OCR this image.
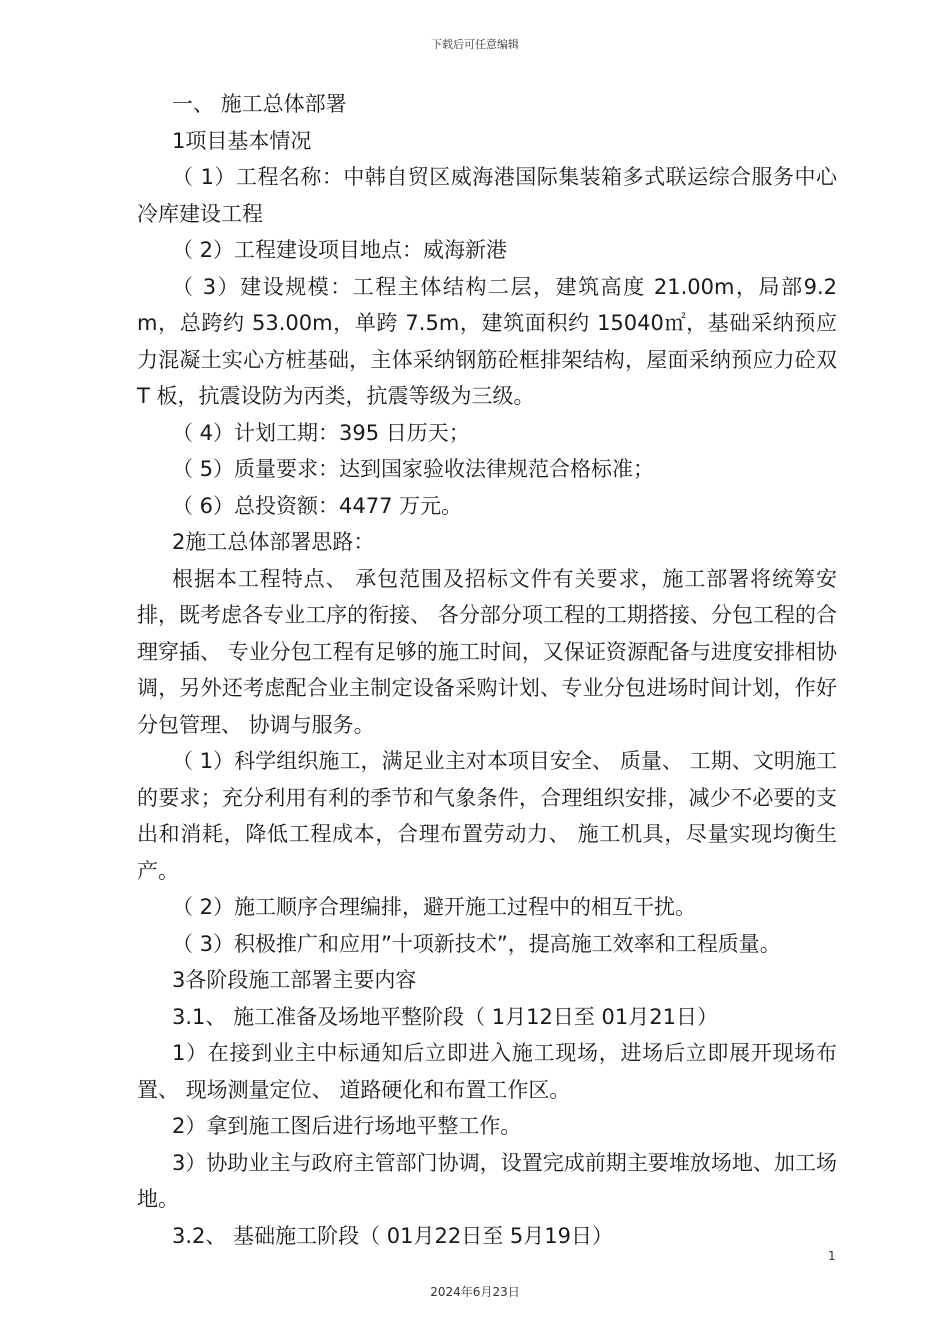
下载后可任意编辑

一、 施工总体部署

1项目基本情况

（ 1）工程名称：中韩自贸区威海港国际集装箱多式联运综合服务中心冷库建设工程

（ 2）工程建设项目地点：威海新港

（ 3）建设规模：工程主体结构二层，建筑高度 21.00m，局部9.2m，总跨约 53.00m，单跨 7.5m，建筑面积约 15040㎡，基础采纳预应力混凝土实心方桩基础，主体采纳钢筋砼框排架结构，屋面采纳预应力砼双 T 板，抗震设防为丙类，抗震等级为三级。

（ 4）计划工期：395 日历天；

（ 5）质量要求：达到国家验收法律规范合格标准；

（ 6）总投资额：4477 万元。

2施工总体部署思路：

根据本工程特点、 承包范围及招标文件有关要求，施工部署将统筹安排，既考虑各专业工序的衔接、 各分部分项工程的工期搭接、分包工程的合理穿插、 专业分包工程有足够的施工时间，又保证资源配备与进度安排相协调，另外还考虑配合业主制定设备采购计划、专业分包进场时间计划，作好分包管理、 协调与服务。

（ 1）科学组织施工，满足业主对本项目安全、 质量、 工期、文明施工的要求；充分利用有利的季节和气象条件，合理组织安排，减少不必要的支出和消耗，降低工程成本，合理布置劳动力、 施工机具，尽量实现均衡生产。

（ 2）施工顺序合理编排，避开施工过程中的相互干扰。

（ 3）积极推广和应用”十项新技术”，提高施工效率和工程质量。

3各阶段施工部署主要内容

3.1、 施工准备及场地平整阶段（ 1月12日至 01月21日）

1）在接到业主中标通知后立即进入施工现场，进场后立即展开现场布置、 现场测量定位、 道路硬化和布置工作区。

2）拿到施工图后进行场地平整工作。

3）协助业主与政府主管部门协调，设置完成前期主要堆放场地、加工场地。

3.2、 基础施工阶段（ 01月22日至 5月19日）

1
2024年6月23日
